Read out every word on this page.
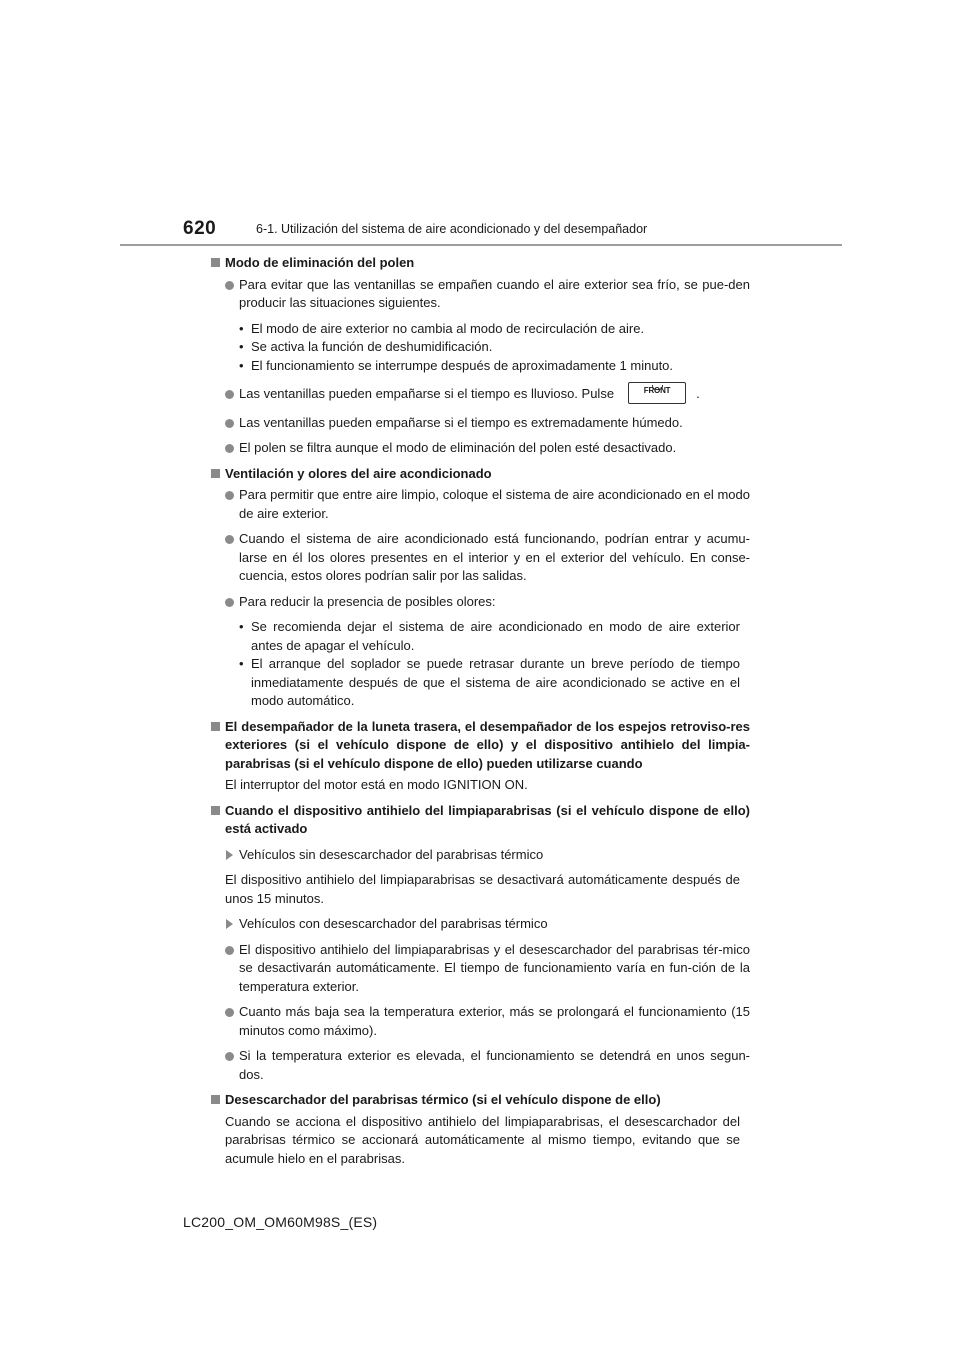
620	6-1. Utilización del sistema de aire acondicionado y del desempañador
Modo de eliminación del polen
Para evitar que las ventanillas se empañen cuando el aire exterior sea frío, se pue-den producir las situaciones siguientes.
• El modo de aire exterior no cambia al modo de recirculación de aire.
• Se activa la función de deshumidificación.
• El funcionamiento se interrumpe después de aproximadamente 1 minuto.
Las ventanillas pueden empañarse si el tiempo es lluvioso. Pulse	FRONT	.
Las ventanillas pueden empañarse si el tiempo es extremadamente húmedo.
El polen se filtra aunque el modo de eliminación del polen esté desactivado.
Ventilación y olores del aire acondicionado
Para permitir que entre aire limpio, coloque el sistema de aire acondicionado en el modo de aire exterior.
Cuando el sistema de aire acondicionado está funcionando, podrían entrar y acumu-larse en él los olores presentes en el interior y en el exterior del vehículo. En conse-cuencia, estos olores podrían salir por las salidas.
Para reducir la presencia de posibles olores:
• Se recomienda dejar el sistema de aire acondicionado en modo de aire exterior antes de apagar el vehículo.
• El arranque del soplador se puede retrasar durante un breve período de tiempo inmediatamente después de que el sistema de aire acondicionado se active en el modo automático.
El desempañador de la luneta trasera, el desempañador de los espejos retroviso-res exteriores (si el vehículo dispone de ello) y el dispositivo antihielo del limpia-parabrisas (si el vehículo dispone de ello) pueden utilizarse cuando
El interruptor del motor está en modo IGNITION ON.
Cuando el dispositivo antihielo del limpiaparabrisas (si el vehículo dispone de ello) está activado
Vehículos sin desescarchador del parabrisas térmico
El dispositivo antihielo del limpiaparabrisas se desactivará automáticamente después de unos 15 minutos.
Vehículos con desescarchador del parabrisas térmico
El dispositivo antihielo del limpiaparabrisas y el desescarchador del parabrisas tér-mico se desactivarán automáticamente. El tiempo de funcionamiento varía en fun-ción de la temperatura exterior.
Cuanto más baja sea la temperatura exterior, más se prolongará el funcionamiento (15 minutos como máximo).
Si la temperatura exterior es elevada, el funcionamiento se detendrá en unos segun-dos.
Desescarchador del parabrisas térmico (si el vehículo dispone de ello)
Cuando se acciona el dispositivo antihielo del limpiaparabrisas, el desescarchador del parabrisas térmico se accionará automáticamente al mismo tiempo, evitando que se acumule hielo en el parabrisas.
LC200_OM_OM60M98S_(ES)
